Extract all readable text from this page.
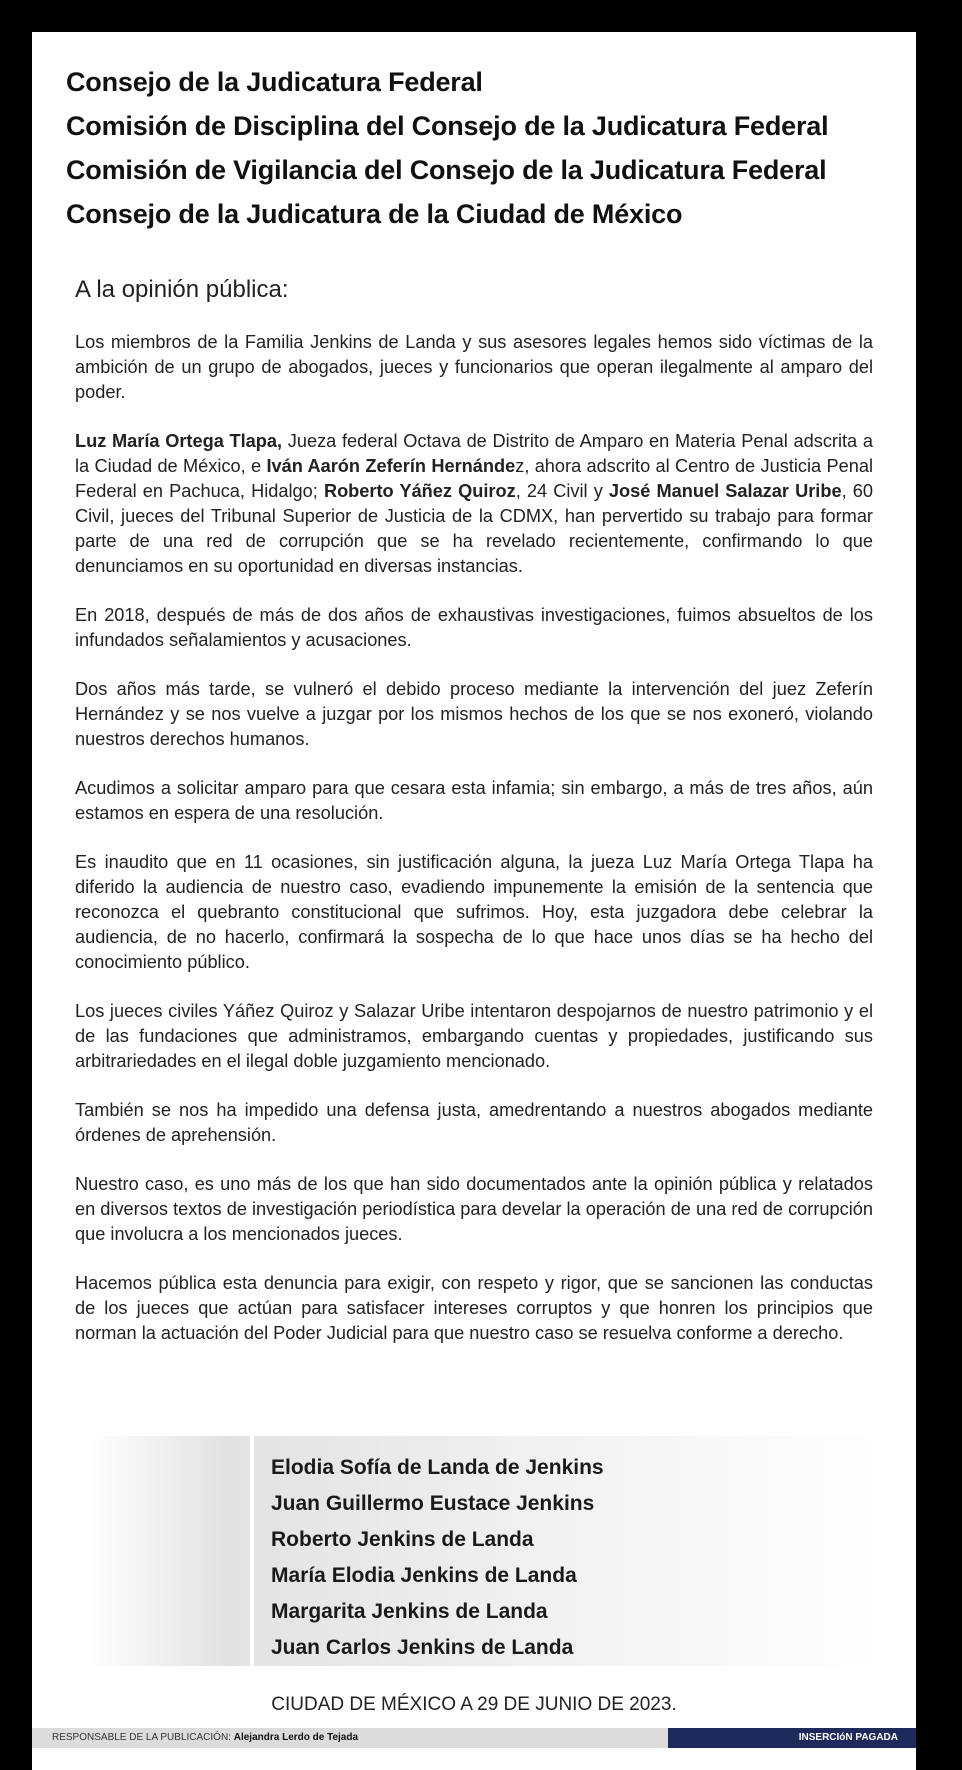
Consejo de la Judicatura Federal
Comisión de Disciplina del Consejo de la Judicatura Federal
Comisión de Vigilancia del Consejo de la Judicatura Federal
Consejo de la Judicatura de la Ciudad de México
A la opinión pública:

Los miembros de la Familia Jenkins de Landa y sus asesores legales hemos sido víctimas de la ambición de un grupo de abogados, jueces y funcionarios que operan ilegalmente al amparo del poder.

Luz María Ortega Tlapa, Jueza federal Octava de Distrito de Amparo en Materia Penal adscrita a la Ciudad de México, e Iván Aarón Zeferín Hernández, ahora adscrito al Centro de Justicia Penal Federal en Pachuca, Hidalgo; Roberto Yáñez Quiroz, 24 Civil y José Manuel Salazar Uribe, 60 Civil, jueces del Tribunal Superior de Justicia de la CDMX, han pervertido su trabajo para formar parte de una red de corrupción que se ha revelado recientemente, confirmando lo que denunciamos en su oportunidad en diversas instancias.

En 2018, después de más de dos años de exhaustivas investigaciones, fuimos absueltos de los infundados señalamientos y acusaciones.

Dos años más tarde, se vulneró el debido proceso mediante la intervención del juez Zeferín Hernández y se nos vuelve a juzgar por los mismos hechos de los que se nos exoneró, violando nuestros derechos humanos.

Acudimos a solicitar amparo para que cesara esta infamia; sin embargo, a más de tres años, aún estamos en espera de una resolución.

Es inaudito que en 11 ocasiones, sin justificación alguna, la jueza Luz María Ortega Tlapa ha diferido la audiencia de nuestro caso, evadiendo impunemente la emisión de la sentencia que reconozca el quebranto constitucional que sufrimos. Hoy, esta juzgadora debe celebrar la audiencia, de no hacerlo, confirmará la sospecha de lo que hace unos días se ha hecho del conocimiento público.

Los jueces civiles Yáñez Quiroz y Salazar Uribe intentaron despojarnos de nuestro patrimonio y el de las fundaciones que administramos, embargando cuentas y propiedades, justificando sus arbitrariedades en el ilegal doble juzgamiento mencionado.

También se nos ha impedido una defensa justa, amedrentando a nuestros abogados mediante órdenes de aprehensión.

Nuestro caso, es uno más de los que han sido documentados ante la opinión pública y relatados en diversos textos de investigación periodística para develar la operación de una red de corrupción que involucra a los mencionados jueces.

Hacemos pública esta denuncia para exigir, con respeto y rigor, que se sancionen las conductas de los jueces que actúan para satisfacer intereses corruptos y que honren los principios que norman la actuación del Poder Judicial para que nuestro caso se resuelva conforme a derecho.

Elodia Sofía de Landa de Jenkins
Juan Guillermo Eustace Jenkins
Roberto Jenkins de Landa
María Elodia Jenkins de Landa
Margarita Jenkins de Landa
Juan Carlos Jenkins de Landa
CIUDAD DE MÉXICO A 29 DE JUNIO DE 2023.
RESPONSABLE DE LA PUBLICACIÓN: Alejandra Lerdo de Tejada	INSERCIóN PAGADA
